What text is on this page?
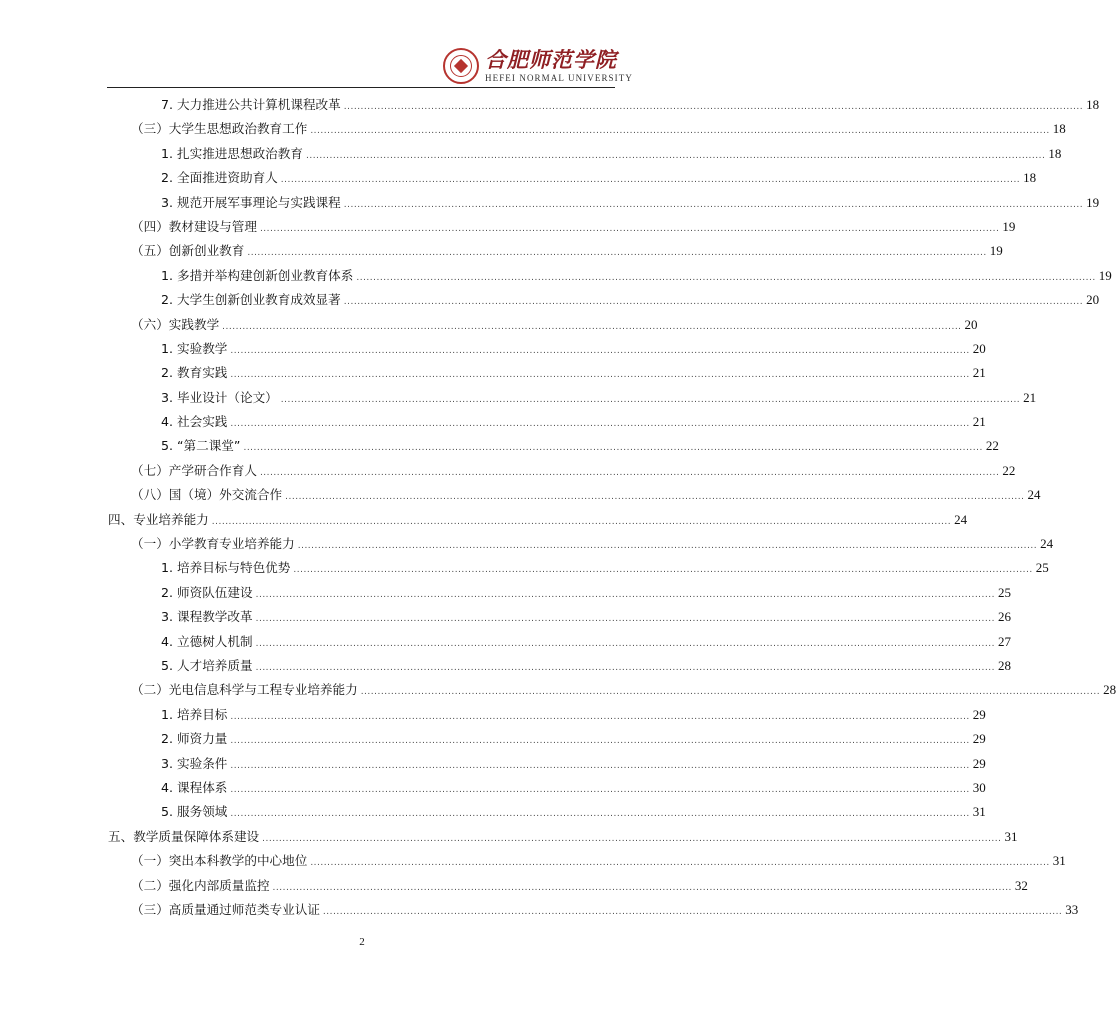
合肥师范学院
HEFEI NORMAL UNIVERSITY
7. 大力推进公共计算机课程改革 ............................................................................................................................................................................................................................ 18
（三）大学生思想政治教育工作 ............................................................................................................................................................................................................................ 18
1. 扎实推进思想政治教育 ............................................................................................................................................................................................................................ 18
2. 全面推进资助育人 ............................................................................................................................................................................................................................ 18
3. 规范开展军事理论与实践课程 ............................................................................................................................................................................................................................ 19
（四）教材建设与管理 ............................................................................................................................................................................................................................ 19
（五）创新创业教育 ............................................................................................................................................................................................................................ 19
1. 多措并举构建创新创业教育体系 ............................................................................................................................................................................................................................ 19
2. 大学生创新创业教育成效显著 ............................................................................................................................................................................................................................ 20
（六）实践教学 ............................................................................................................................................................................................................................ 20
1. 实验教学 ............................................................................................................................................................................................................................ 20
2. 教育实践 ............................................................................................................................................................................................................................ 21
3. 毕业设计（论文） ............................................................................................................................................................................................................................ 21
4. 社会实践 ............................................................................................................................................................................................................................ 21
5. “第二课堂” ............................................................................................................................................................................................................................ 22
（七）产学研合作育人 ............................................................................................................................................................................................................................ 22
（八）国（境）外交流合作 ............................................................................................................................................................................................................................ 24
四、专业培养能力 ............................................................................................................................................................................................................................ 24
（一）小学教育专业培养能力 ............................................................................................................................................................................................................................ 24
1. 培养目标与特色优势 ............................................................................................................................................................................................................................ 25
2. 师资队伍建设 ............................................................................................................................................................................................................................ 25
3. 课程教学改革 ............................................................................................................................................................................................................................ 26
4. 立德树人机制 ............................................................................................................................................................................................................................ 27
5. 人才培养质量 ............................................................................................................................................................................................................................ 28
（二）光电信息科学与工程专业培养能力 ............................................................................................................................................................................................................................ 28
1. 培养目标 ............................................................................................................................................................................................................................ 29
2. 师资力量 ............................................................................................................................................................................................................................ 29
3. 实验条件 ............................................................................................................................................................................................................................ 29
4. 课程体系 ............................................................................................................................................................................................................................ 30
5. 服务领域 ............................................................................................................................................................................................................................ 31
五、教学质量保障体系建设 ............................................................................................................................................................................................................................ 31
（一）突出本科教学的中心地位 ............................................................................................................................................................................................................................ 31
（二）强化内部质量监控 ............................................................................................................................................................................................................................ 32
（三）高质量通过师范类专业认证 ............................................................................................................................................................................................................................ 33
2
